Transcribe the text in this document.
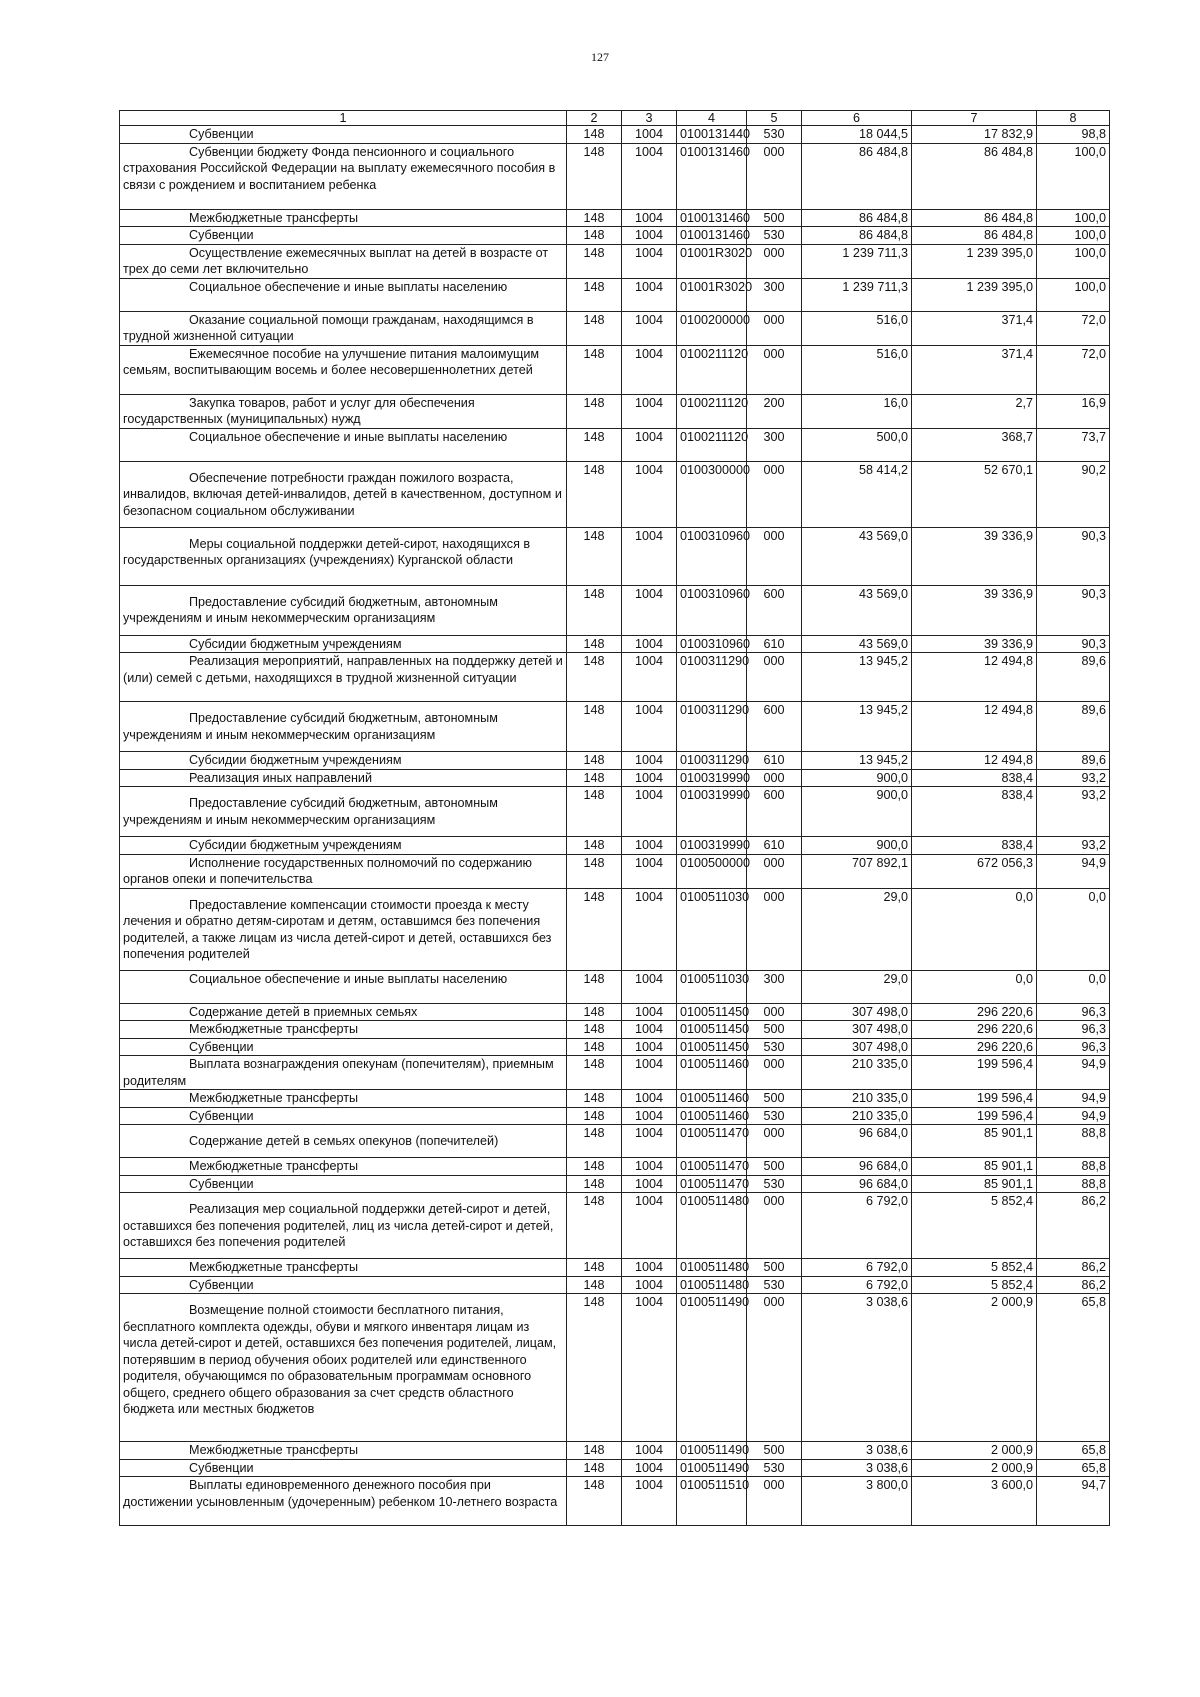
127
1	2	3	4	5	6	7	8

Субвенции	148	1004	0100131440	530	18 044,5	17 832,9	98,8

Субвенции бюджету Фонда пенсионного и социального страхования Российской Федерации на выплату ежемесячного пособия в связи с рождением и воспитанием ребенка	148	1004	0100131460	000	86 484,8	86 484,8	100,0

Межбюджетные трансферты	148	1004	0100131460	500	86 484,8	86 484,8	100,0

Субвенции	148	1004	0100131460	530	86 484,8	86 484,8	100,0

Осуществление ежемесячных выплат на детей в возрасте от трех до семи лет включительно	148	1004	01001R3020	000	1 239 711,3	1 239 395,0	100,0

Социальное обеспечение и иные выплаты населению	148	1004	01001R3020	300	1 239 711,3	1 239 395,0	100,0

Оказание социальной помощи гражданам, находящимся в трудной жизненной ситуации	148	1004	0100200000	000	516,0	371,4	72,0

Ежемесячное пособие на улучшение питания малоимущим семьям, воспитывающим восемь и более несовершеннолетних детей	148	1004	0100211120	000	516,0	371,4	72,0

Закупка товаров, работ и услуг для обеспечения государственных (муниципальных) нужд	148	1004	0100211120	200	16,0	2,7	16,9

Социальное обеспечение и иные выплаты населению	148	1004	0100211120	300	500,0	368,7	73,7

Обеспечение потребности граждан пожилого возраста, инвалидов, включая детей-инвалидов, детей в качественном, доступном и безопасном социальном обслуживании	148	1004	0100300000	000	58 414,2	52 670,1	90,2

Меры социальной поддержки детей-сирот, находящихся в государственных организациях (учреждениях) Курганской области	148	1004	0100310960	000	43 569,0	39 336,9	90,3

Предоставление субсидий бюджетным, автономным учреждениям и иным некоммерческим организациям	148	1004	0100310960	600	43 569,0	39 336,9	90,3

Субсидии бюджетным учреждениям	148	1004	0100310960	610	43 569,0	39 336,9	90,3

Реализация мероприятий, направленных на поддержку детей и (или) семей с детьми, находящихся в трудной жизненной ситуации	148	1004	0100311290	000	13 945,2	12 494,8	89,6

Предоставление субсидий бюджетным, автономным учреждениям и иным некоммерческим организациям	148	1004	0100311290	600	13 945,2	12 494,8	89,6

Субсидии бюджетным учреждениям	148	1004	0100311290	610	13 945,2	12 494,8	89,6

Реализация иных направлений	148	1004	0100319990	000	900,0	838,4	93,2

Предоставление субсидий бюджетным, автономным учреждениям и иным некоммерческим организациям	148	1004	0100319990	600	900,0	838,4	93,2

Субсидии бюджетным учреждениям	148	1004	0100319990	610	900,0	838,4	93,2

Исполнение государственных полномочий по содержанию органов опеки и попечительства	148	1004	0100500000	000	707 892,1	672 056,3	94,9

Предоставление компенсации стоимости проезда к месту лечения и обратно детям-сиротам и детям, оставшимся без попечения родителей, а также лицам из числа детей-сирот и детей, оставшихся без попечения родителей	148	1004	0100511030	000	29,0	0,0	0,0

Социальное обеспечение и иные выплаты населению	148	1004	0100511030	300	29,0	0,0	0,0

Содержание детей в приемных семьях	148	1004	0100511450	000	307 498,0	296 220,6	96,3

Межбюджетные трансферты	148	1004	0100511450	500	307 498,0	296 220,6	96,3

Субвенции	148	1004	0100511450	530	307 498,0	296 220,6	96,3

Выплата вознаграждения опекунам (попечителям), приемным родителям	148	1004	0100511460	000	210 335,0	199 596,4	94,9

Межбюджетные трансферты	148	1004	0100511460	500	210 335,0	199 596,4	94,9

Субвенции	148	1004	0100511460	530	210 335,0	199 596,4	94,9

Содержание детей в семьях опекунов (попечителей)	148	1004	0100511470	000	96 684,0	85 901,1	88,8

Межбюджетные трансферты	148	1004	0100511470	500	96 684,0	85 901,1	88,8

Субвенции	148	1004	0100511470	530	96 684,0	85 901,1	88,8

Реализация мер социальной поддержки детей-сирот и детей, оставшихся без попечения родителей, лиц из числа детей-сирот и детей, оставшихся без попечения родителей	148	1004	0100511480	000	6 792,0	5 852,4	86,2

Межбюджетные трансферты	148	1004	0100511480	500	6 792,0	5 852,4	86,2

Субвенции	148	1004	0100511480	530	6 792,0	5 852,4	86,2

Возмещение полной стоимости бесплатного питания, бесплатного комплекта одежды, обуви и мягкого инвентаря лицам из числа детей-сирот и детей, оставшихся без попечения родителей, лицам, потерявшим в период обучения обоих родителей или единственного родителя, обучающимся по образовательным программам основного общего, среднего общего образования за счет средств областного бюджета или местных бюджетов	148	1004	0100511490	000	3 038,6	2 000,9	65,8

Межбюджетные трансферты	148	1004	0100511490	500	3 038,6	2 000,9	65,8

Субвенции	148	1004	0100511490	530	3 038,6	2 000,9	65,8

Выплаты единовременного денежного пособия при достижении усыновленным (удочеренным) ребенком 10-летнего возраста	148	1004	0100511510	000	3 800,0	3 600,0	94,7
